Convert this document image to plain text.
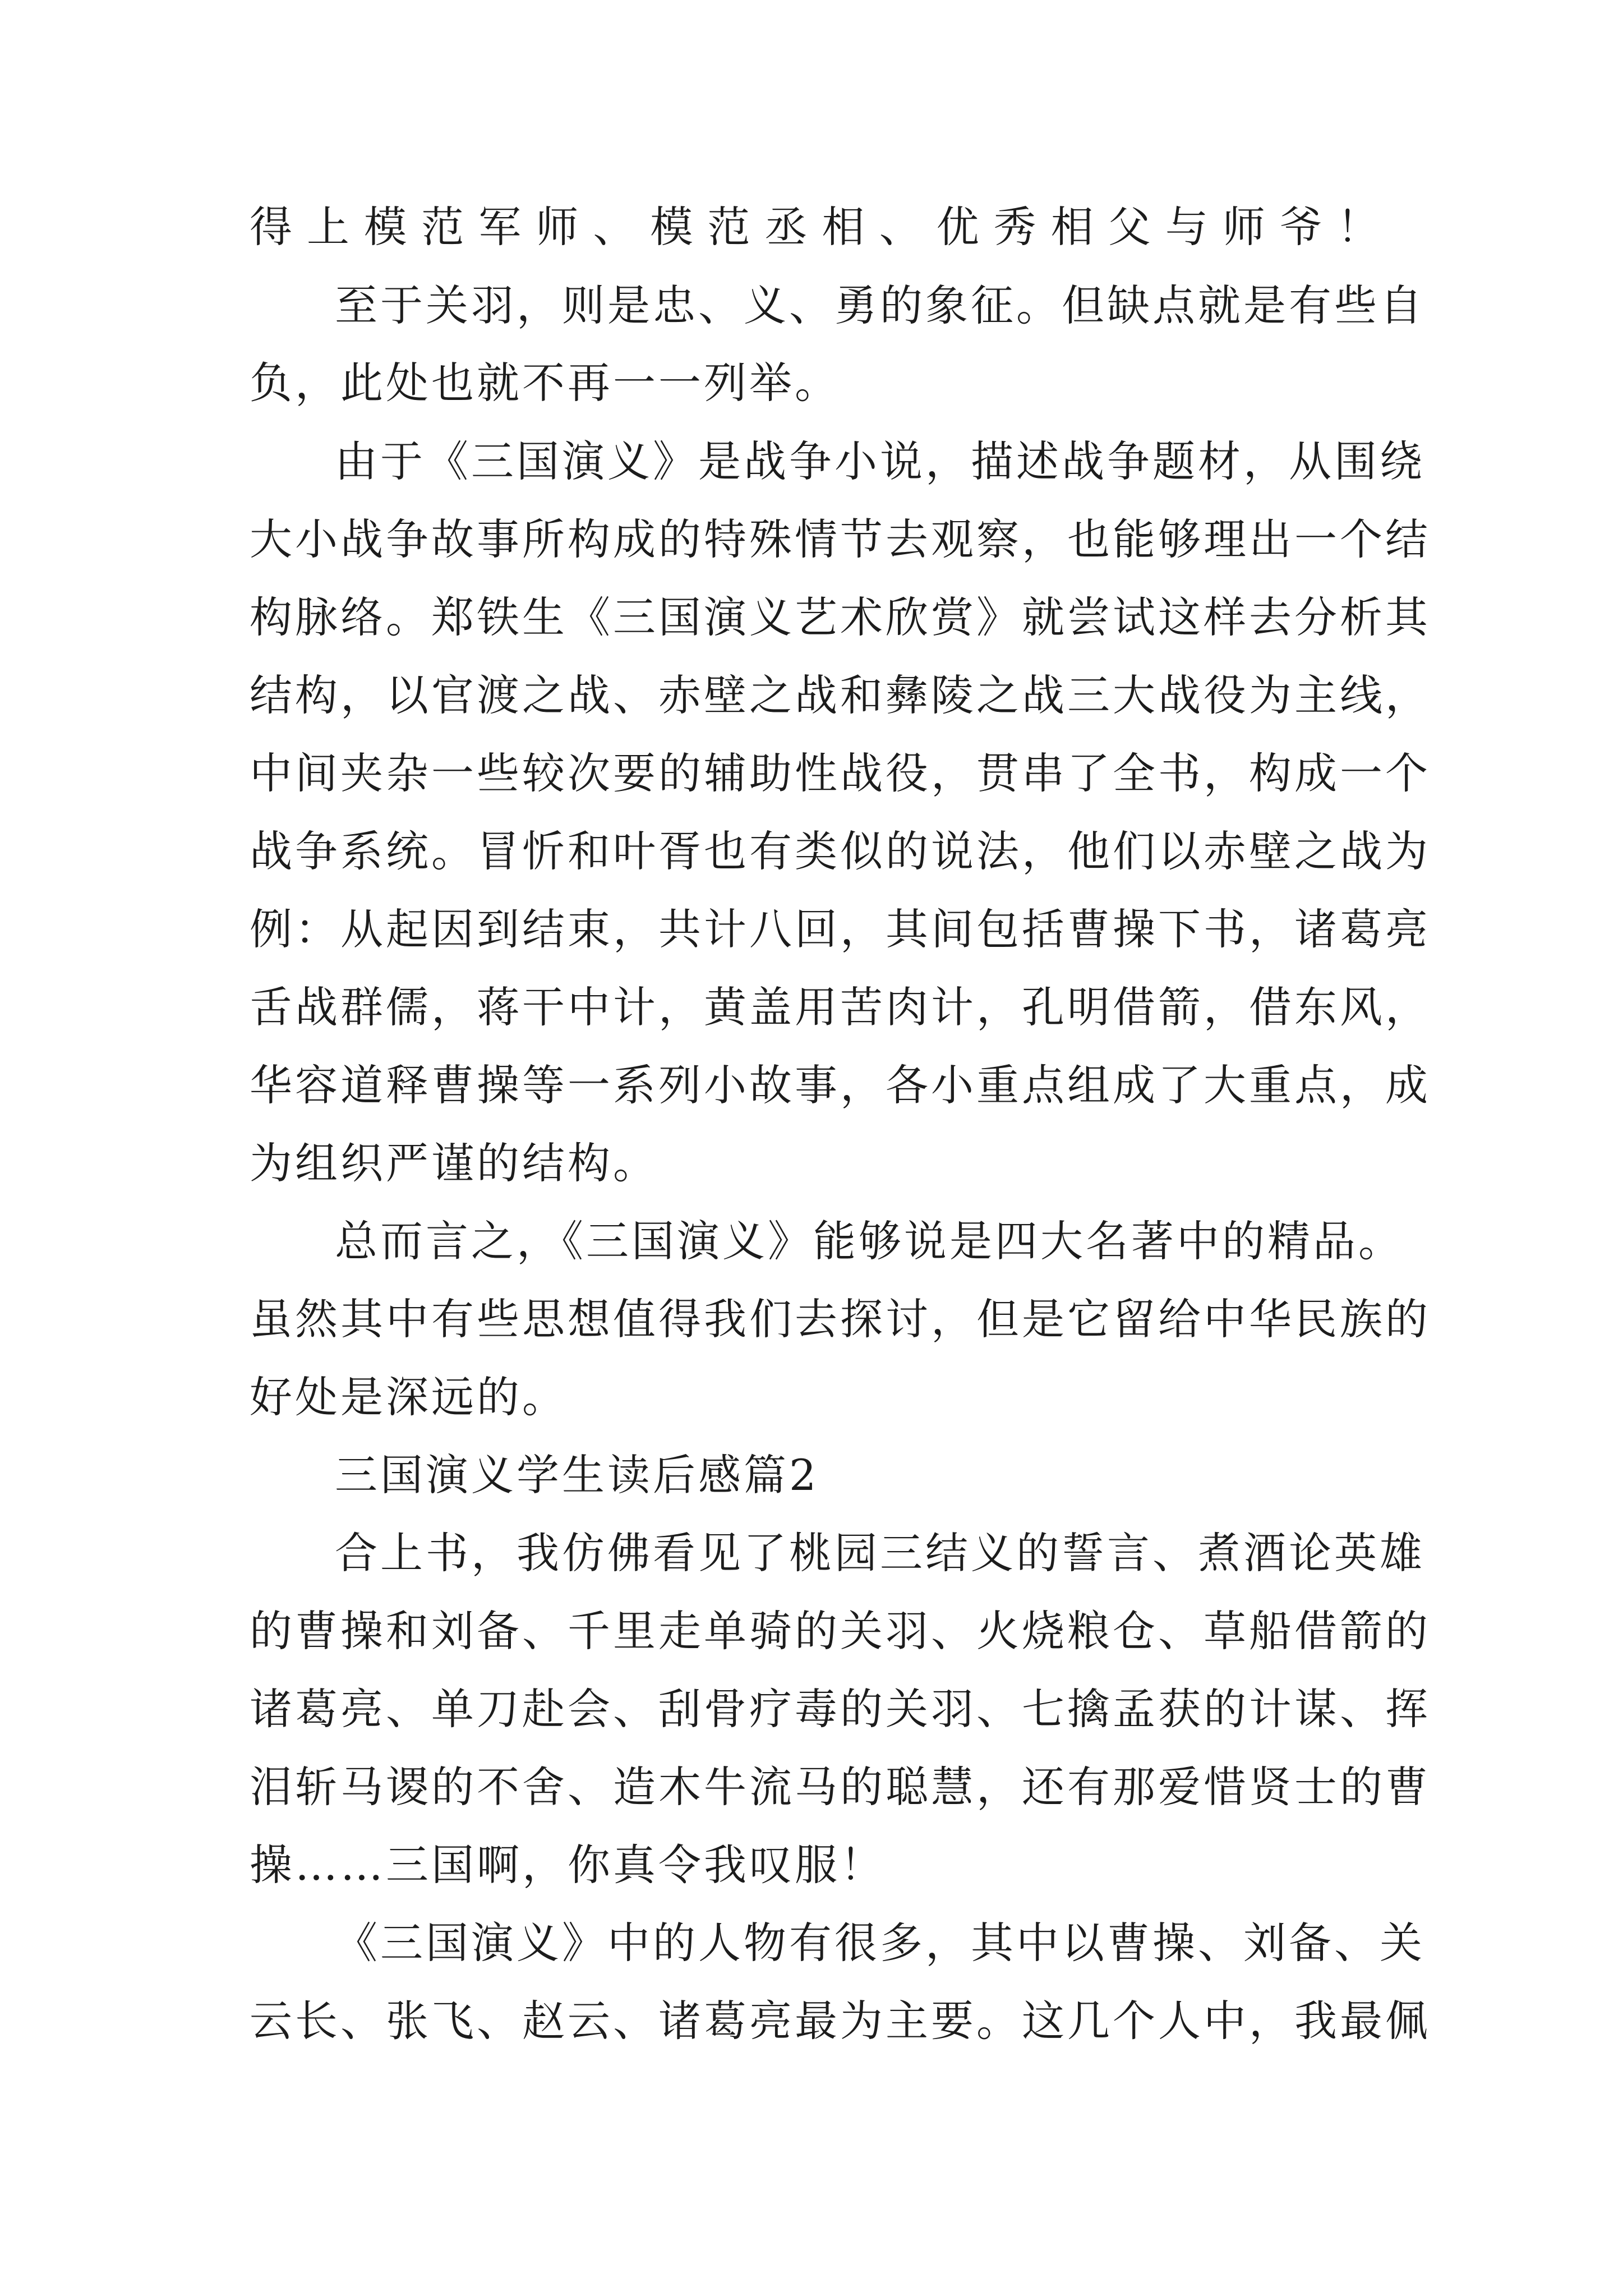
得上模范军师、模范丞相、优秀相父与师爷！
至于关羽，则是忠、义、勇的象征。但缺点就是有些自
负，此处也就不再一一列举。
由于《三国演义》是战争小说，描述战争题材，从围绕
大小战争故事所构成的特殊情节去观察，也能够理出一个结
构脉络。郑铁生《三国演义艺术欣赏》就尝试这样去分析其
结构，以官渡之战、赤壁之战和彝陵之战三大战役为主线，
中间夹杂一些较次要的辅助性战役，贯串了全书，构成一个
战争系统。冒忻和叶胥也有类似的说法，他们以赤壁之战为
例：从起因到结束，共计八回，其间包括曹操下书，诸葛亮
舌战群儒，蒋干中计，黄盖用苦肉计，孔明借箭，借东风，
华容道释曹操等一系列小故事，各小重点组成了大重点，成
为组织严谨的结构。
总而言之，《三国演义》能够说是四大名著中的精品。
虽然其中有些思想值得我们去探讨，但是它留给中华民族的
好处是深远的。
三国演义学生读后感篇2
合上书，我仿佛看见了桃园三结义的誓言、煮酒论英雄
的曹操和刘备、千里走单骑的关羽、火烧粮仓、草船借箭的
诸葛亮、单刀赴会、刮骨疗毒的关羽、七擒孟获的计谋、挥
泪斩马谡的不舍、造木牛流马的聪慧，还有那爱惜贤士的曹
操……三国啊，你真令我叹服！
《三国演义》中的人物有很多，其中以曹操、刘备、关
云长、张飞、赵云、诸葛亮最为主要。这几个人中，我最佩
